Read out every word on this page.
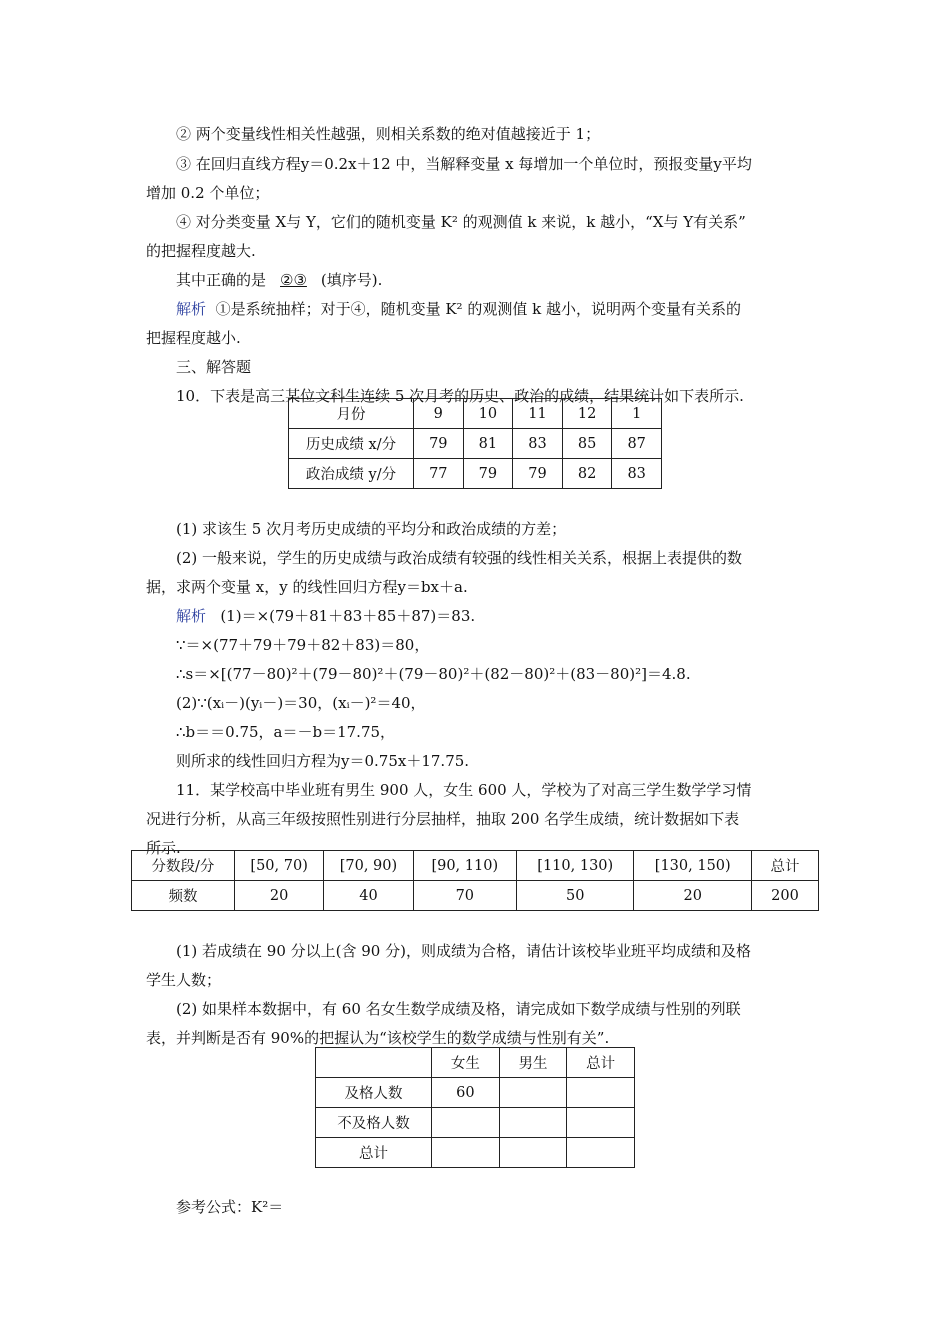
② 两个变量线性相关性越强，则相关系数的绝对值越接近于 1；
③ 在回归直线方程y＝0.2x＋12 中，当解释变量 x 每增加一个单位时，预报变量y平均
增加 0.2 个单位；
④ 对分类变量 X与 Y，它们的随机变量 K² 的观测值 k 来说，k 越小，“X与 Y有关系”
的把握程度越大.
其中正确的是 ②③ (填序号).
解析 ①是系统抽样；对于④，随机变量 K² 的观测值 k 越小，说明两个变量有关系的
把握程度越小.
三、解答题
10．下表是高三某位文科生连续 5 次月考的历史、政治的成绩，结果统计如下表所示.
月份	9	10	11	12	1
历史成绩 x/分	79	81	83	85	87
政治成绩 y/分	77	79	79	82	83
(1) 求该生 5 次月考历史成绩的平均分和政治成绩的方差；
(2) 一般来说，学生的历史成绩与政治成绩有较强的线性相关关系，根据上表提供的数
据，求两个变量 x，y 的线性回归方程y＝bx＋a.
解析 (1)＝×(79＋81＋83＋85＋87)＝83.
∵＝×(77＋79＋79＋82＋83)＝80，
∴s＝×[(77－80)²＋(79－80)²＋(79－80)²＋(82－80)²＋(83－80)²]＝4.8.
(2)∵(xᵢ－)(yᵢ－)＝30，(xᵢ－)²＝40，
∴b＝＝0.75，a＝－b＝17.75，
则所求的线性回归方程为y＝0.75x＋17.75.
11．某学校高中毕业班有男生 900 人，女生 600 人，学校为了对高三学生数学学习情
况进行分析，从高三年级按照性别进行分层抽样，抽取 200 名学生成绩，统计数据如下表
所示.
分数段/分	[50, 70)	[70, 90)	[90, 110)	[110, 130)	[130, 150)	总计
频数	20	40	70	50	20	200
(1) 若成绩在 90 分以上(含 90 分)，则成绩为合格，请估计该校毕业班平均成绩和及格
学生人数；
(2) 如果样本数据中，有 60 名女生数学成绩及格，请完成如下数学成绩与性别的列联
表，并判断是否有 90%的把握认为“该校学生的数学成绩与性别有关”.
	女生	男生	总计
及格人数	60		
不及格人数			
总计			
参考公式：K²＝
